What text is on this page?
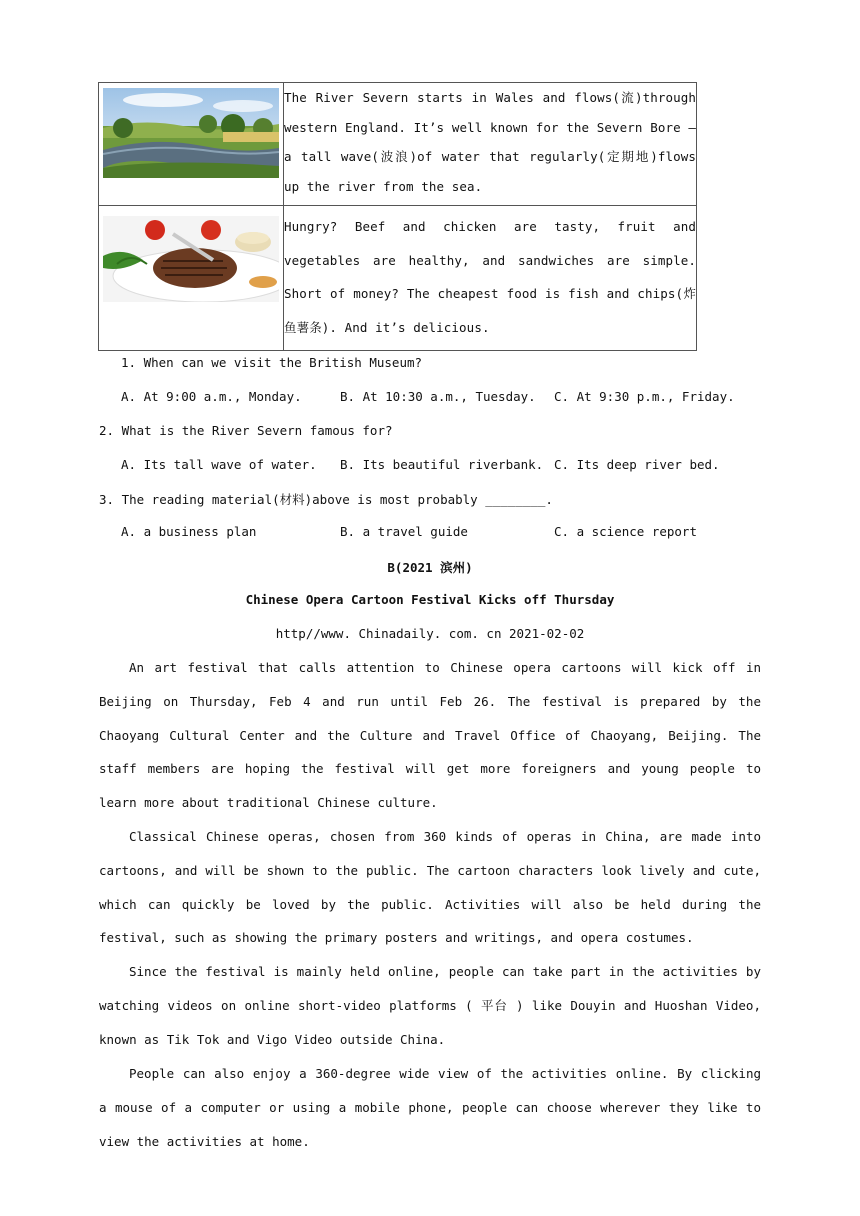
	The River Severn starts in Wales and flows(流)through western England. It’s well known for the Severn Bore — a tall wave(波浪)of water that regularly(定期地)flows up the river from the sea.

	Hungry? Beef and chicken are tasty, fruit and vegetables are healthy, and sandwiches are simple. Short of money? The cheapest food is fish and chips(炸鱼薯条). And it’s delicious.
1. When can we visit the British Museum?
A. At 9:00 a.m., Monday.	B. At 10:30 a.m., Tuesday. C. At 9:30 p.m., Friday.
2. What is the River Severn famous for?
A. Its tall wave of water. B. Its beautiful riverbank. C. Its deep river bed.
3. The reading material(材料)above is most probably ________.
A. a business plan	B. a travel guide	C. a science report
B(2021 滨州)
Chinese Opera Cartoon Festival Kicks off Thursday
http//www. Chinadaily. com. cn 2021-02-02
An art festival that calls attention to Chinese opera cartoons will kick off in Beijing on Thursday, Feb 4 and run until Feb 26. The festival is prepared by the Chaoyang Cultural Center and the Culture and Travel Office of Chaoyang, Beijing. The staff members are hoping the festival will get more foreigners and young people to learn more about traditional Chinese culture.
Classical Chinese operas, chosen from 360 kinds of operas in China, are made into cartoons, and will be shown to the public. The cartoon characters look lively and cute, which can quickly be loved by the public. Activities will also be held during the festival, such as showing the primary posters and writings, and opera costumes.
Since the festival is mainly held online, people can take part in the activities by watching videos on online short-video platforms ( 平台 ) like Douyin and Huoshan Video, known as Tik Tok and Vigo Video outside China.
People can also enjoy a 360-degree wide view of the activities online. By clicking a mouse of a computer or using a mobile phone, people can choose wherever they like to view the activities at home.
